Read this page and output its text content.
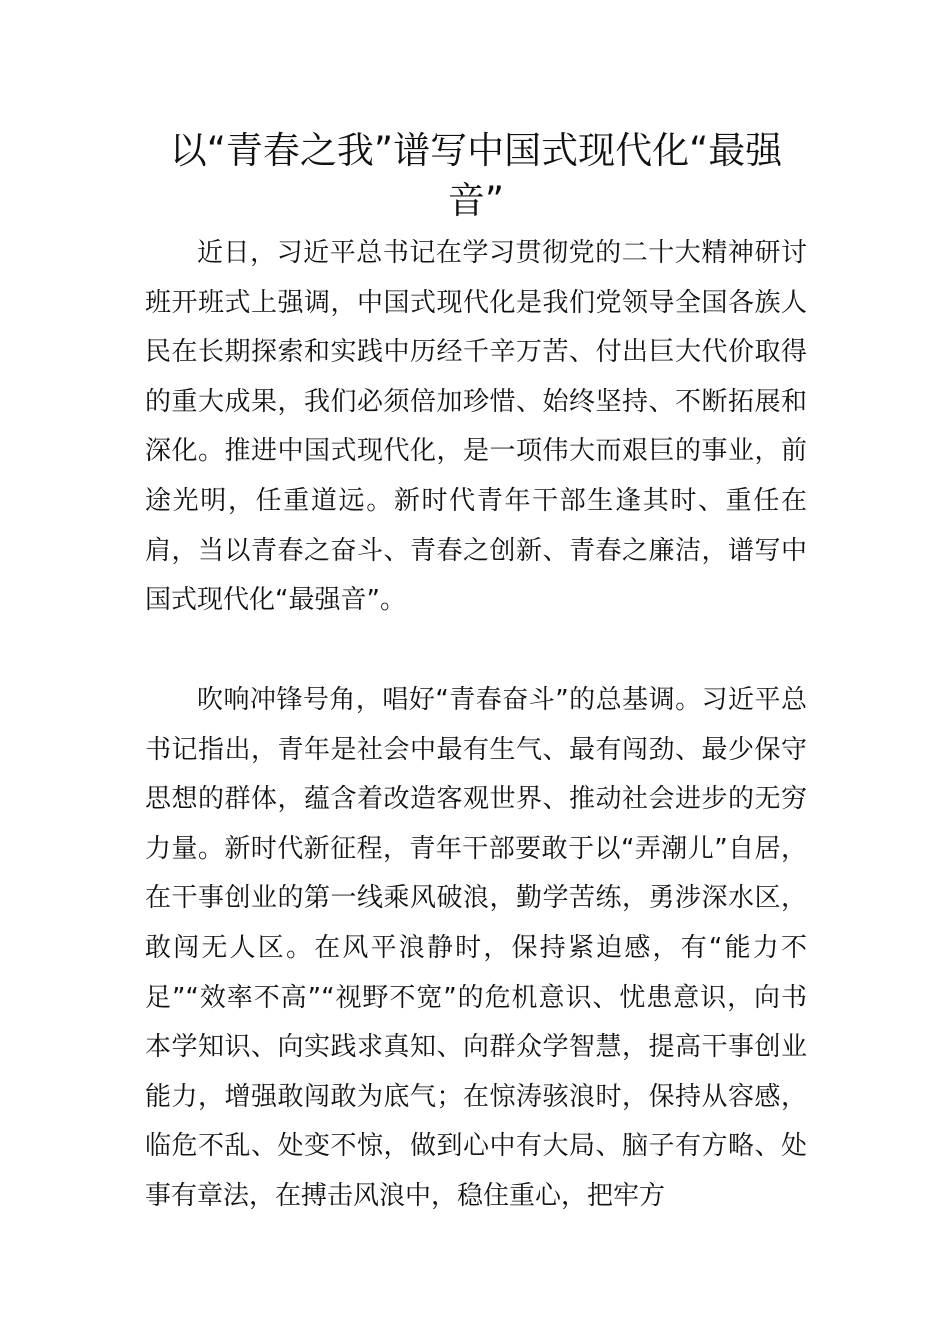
以“青春之我”谱写中国式现代化“最强音”

近日，习近平总书记在学习贯彻党的二十大精神研讨班开班式上强调，中国式现代化是我们党领导全国各族人民在长期探索和实践中历经千辛万苦、付出巨大代价取得的重大成果，我们必须倍加珍惜、始终坚持、不断拓展和深化。推进中国式现代化，是一项伟大而艰巨的事业，前途光明，任重道远。新时代青年干部生逢其时、重任在肩，当以青春之奋斗、青春之创新、青春之廉洁，谱写中国式现代化“最强音”。

吹响冲锋号角，唱好“青春奋斗”的总基调。习近平总书记指出，青年是社会中最有生气、最有闯劲、最少保守思想的群体，蕴含着改造客观世界、推动社会进步的无穷力量。新时代新征程，青年干部要敢于以“弄潮儿”自居，在干事创业的第一线乘风破浪，勤学苦练，勇涉深水区，敢闯无人区。在风平浪静时，保持紧迫感，有“能力不足”“效率不高”“视野不宽”的危机意识、忧患意识，向书本学知识、向实践求真知、向群众学智慧，提高干事创业能力，增强敢闯敢为底气；在惊涛骇浪时，保持从容感，临危不乱、处变不惊，做到心中有大局、脑子有方略、处事有章法，在搏击风浪中，稳住重心，把牢方
